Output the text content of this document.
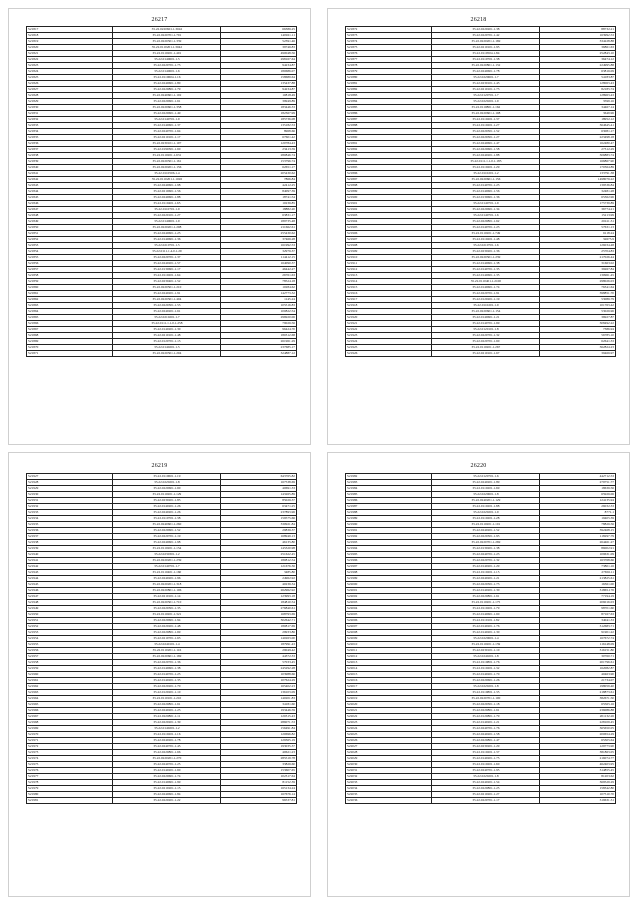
26217
S21817	35.22.0220601.1.3042	66386.25
S21818	35.22.0220701.1.791	140921.11
S21819	35.22.0220301.1.339	52391.46
S21820	35.22.0110201.1.3042	39746.83
S21821	35.22.0110201.1.401	490048.56
S21822	35.22.0140601.1.5	298167.64
S21823	35.22.0220701.1.73	94234.87
S21824	35.22.0140601.1.6	180686.07
S21825	35.22.0110604.1.16	158689.64
S21826	35.22.0240601.1.80	135437.88
S21827	35.22.0220801.1.79	94234.87
S21828	35.22.0240601.1.102	10818.49
S21829	35.22.0220601.1.61	39949.89
S21830	35.22.0220601.1.358	183446.33
S21831	35.22.0220601.1.49	182367.99
S21832	35.22.0140701.1.9	185736.08
S21833	35.22.0140601.1.37	135182.53
S21834	35.22.0240701.1.64	8968.66
S21835	35.22.0210101.1.17	67601.42
S21836	35.22.0230101.1.197	120784.43
S21837	35.22.0190301.1.60	23413.59
S21838	35.22.0110201.1.631	280846.74
S21839	35.22.0220301.1.161	153796.74
S21840	35.22.0220201.1.156	62651.17
S21841	35.22.0110506.1.4	205430.62
S21842	35.22.0110201.1.1026	7866.84
S21843	35.22.0240601.1.98	42412.25
S21844	35.22.0210601.1.56	84097.39
S21845	35.22.0240601.1.88	18741.54
S21846	35.22.0110401.1.65	10236.85
S21847	35.22.0110701.1.9	18882.20
S21848	35.22.0220101.1.27	63831.17
S21849	35.22.0140601.1.9	189735.48
S21850	35.22.0220201.1.208	211662.61
S21851	35.22.0240601.1.23	255430.62
S21852	35.22.0140601.1.36	37466.28
S21853	35.22.0210701.1.5	161992.53
S21854	35.22.0111.1.4.0.1.29	32976.37
S21855	35.22.0220701.1.37	114412.15
S21856	35.22.0240201.1.57	164090.37
S21857	35.22.0130601.1.17	46442.27
S21858	35.22.0110201.1.64	26761.63
S21859	35.22.0230401.1.52	78524.18
S21860	35.22.0220501.1.210	10284.62
S21861	35.22.0240201.1.91	142773.32
S21862	35.22.0220301.1.404	1145.24
S21863	35.22.0220301.1.53	105516.83
S21864	35.22.0240201.1.61	100822.54
S21865	35.22.0210201.1.7	296920.06
S21866	35.22.0111.1.1.0.1.258	79026.56
S21867	35.22.0140201.1.30	96424.70
S21868	35.22.0210101.1.48	180312.68
S21869	35.22.0120701.1.13	261961.29
S21870	35.22.0140201.1.5	237685.17
S21871	35.22.0220301.1.204	324887.12
26218
S21872	35.22.0220201.1.38	88732.21
S21873	35.22.0220701.1.42	163992.53
S21874	35.22.0220201.1.169	334228.88
S21875	35.22.0210101.1.95	36861.63
S21876	35.22.0110504.1.84	252843.10
S21877	35.22.0110701.1.38	36474.12
S21878	35.22.0220801.1.132	224995.88
S21879	35.22.0240601.1.78	63816.09
S21880	35.22.0220601.1.7	54183.87
S21881	35.22.0230101.1.43	128063.43
S21882	35.22.0210101.1.73	82185.74
S21883	35.22.0120701.1.7	128963.43
S21884	35.22.0220201.1.9	3599.16
S21885	35.22.0110801.1.162	34467.14
S21886	35.22.0220601.1.108	3649.96
S21887	35.22.0110201.1.37	18952.12
S21888	35.22.0110201.1.27	364645.41
S21889	35.22.0220301.1.52	63081.17
S21890	35.22.0220301.1.27	223498.18
S21891	35.22.0240601.1.47	162480.47
S21892	35.22.0220601.1.58	27312.29
S21893	35.22.0240201.1.88	306883.74
S21894	35.22.0111.1.1.0.1.185	166867.90
S21895	35.22.0110201.1.29	170364.89
S21896	35.22.0110201.1.2	133791.38
S21897	35.22.0220601.1.156	1498076.22
S21898	35.22.0140701.1.23	139536.84
S21899	35.22.0140601.1.56	32481.28
S21900	35.22.0130601.1.36	65362.96
S21901	35.22.0140701.1.9	175739.89
S21902	35.22.0220601.1.34	36774.21
S21903	35.22.0140701.1.6	15213.99
S21904	35.22.0220801.1.62	20411.31
S21905	35.22.0140701.1.23	57631.13
S21906	35.22.0110201.1.749	6118.24
S21907	35.22.0110201.1.48	32673.9
S21908	35.22.0210701.1.6	126034.48
S21909	35.22.0230201.1.36	25704.83
S21910	35.22.0220301.1.239	217026.44
S21911	35.22.0140601.1.38	31663.02
S21912	35.22.0140701.1.35	39267.84
S21913	35.22.0140601.1.35	130961.45
S21914	35.22.0110401.1.2100	298026.03
S21915	35.22.0140601.1.74	76341.64
S21916	35.22.0220701.1.91	398851.70
S21917	35.22.0120201.1.19	53086.79
S21918	35.22.0110201.1.9	101763.42
S21919	35.22.0220601.1.154	53026.96
S21920	35.22.0140601.1.21	36927.87
S21921	35.22.0140701.1.69	308492.22
S21922	35.22.0120101.1.8	7386.94
S21923	35.22.0220701.1.32	56785.10
S21924	35.22.0220701.1.60	62641.33
S21925	35.22.0110201.1.267	362824.23
S21926	35.22.0210101.1.67	39466.97
26219
S21927	35.22.0110601.1.19	643765.82
S21928	35.22.0220201.1.8	167538.69
S21929	35.22.0220601.1.60	40691.33
S21930	35.22.0110201.1.129	143265.89
S21931	35.22.0230201.1.83	85026.37
S21932	35.22.0140201.1.26	63471.25
S21933	35.22.0240201.1.26	237893.96
S21934	35.22.0110701.1.38	159575.66
S21935	35.22.0240601.1.260	330921.84
S21936	35.22.0220601.1.52	29836.37
S21937	35.22.0220701.1.19	168949.13
S21938	35.22.0240601.1.98	46135.80
S21939	35.22.0110201.1.154	145320.98
S21940	35.22.0230301.1.2	251622.45
S21941	35.22.0220201.1.239	180812.54
S21942	35.22.0140701.1.7	121676.36
S21943	35.22.0110401.1.160	3485.80
S21944	35.22.0240201.1.96	24962.92
S21945	35.22.0220201.1.318	40236.34
S21946	35.22.0220801.1.106	262962.92
S21947	35.22.0210101.1.14	123993.18
S21948	35.22.0220301.1.710	184810.54
S21949	35.22.0220301.1.35	276840.61
S21950	35.22.0110201.1.321	168793.69
S21951	35.22.0220601.1.94	302642.71
S21952	35.22.0220201.1.48	180817.69
S21953	35.22.0220801.1.69	29933.86
S21954	35.22.0210701.1.63	140263.00
S21955	35.22.0240101.1.4	187991.43
S21956	35.22.0110201.1.116	29049.42
S21957	35.22.0220601.1.169	44372.33
S21958	35.22.0220701.1.36	57033.45
S21959	35.22.0140601.1.38	245292.28
S21960	35.22.0140701.1.23	103988.66
S21961	35.22.0140201.1.33	107624.29
S21962	35.22.0220201.1.70	165402.23
S21963	35.22.0120201.1.10	136103.09
S21964	35.22.0110101.1.210	140201.83
S21965	35.22.0220801.1.61	34181.60
S21966	35.22.0240201.1.23	193446.59
S21967	35.22.0220801.1.11	120315.43
S21968	35.22.0220201.1.39	286071.53
S21969	35.22.0140201.1.2	156491.84
S21970	35.22.0110201.1.16	120696.82
S21971	35.22.0240201.1.78	129365.19
S21972	35.22.0240701.1.45	193035.37
S21973	35.22.0220801.1.66	40621.23
S21974	35.22.0220201.1.270	285519.78
S21975	35.22.0240701.1.25	33826.60
S21976	35.22.0140201.1.60	153607.65
S21977	35.22.0220601.1.74	102317.64
S21978	35.22.0140601.1.99	81152.39
S21979	35.22.0210201.1.15	165134.24
S21980	35.22.0240601.1.84	167676.14
S21981	35.22.0220201.1.22	96537.81
26220
S21982	35.22.0120701.1.6	442712.53
S21983	35.22.0240201.1.89	279751.77
S21984	35.22.0110201.1.69	18636.56
S21985	35.22.0220601.1.8	65926.06
S21986	35.22.0240201.1.129	124135.94
S21987	35.22.0110201.1.88	26032.33
S21988	35.22.0220201.1.9	8771.1
S21989	35.22.0110201.1.28	19405.39
S21990	35.22.0110201.1.101	78826.56
S21991	35.22.0240201.1.52	392468.15
S21992	35.22.0220301.1.93	118297.79
S21993	35.22.0220701.1.269	264461.27
S21994	35.22.0130201.1.38	86002.91
S21995	35.22.0240701.1.23	109631.09
S21996	35.22.0220701.1.32	163768.66
S21997	35.22.0140201.1.29	73801.16
S21998	35.22.0110201.1.15	27656.11
S21999	35.22.0240201.1.21	213825.61
S22000	35.22.0220301.1.73	16361.00
S22001	35.22.0140201.1.30	31865.176
S22002	35.22.0220801.1.61	77194.19
S22003	35.22.0110201.1.175	206016.03
S22004	35.22.0110201.1.79	98701.60
S22005	35.22.0140601.1.60	87167.63
S22006	35.22.0110101.1.82	34041.33
S22007	35.22.0140201.1.76	312683.71
S22008	35.22.0140201.1.30	91901.22
S22009	35.22.0220601.1.4	167672.74
S22010	35.22.0110201.1.159	116148.09
S22011	35.22.0230101.1.10	316151.80
S22012	35.22.0240201.1.8	30760.71
S22013	35.22.0110801.1.76	201796.61
S22014	35.22.0110201.1.32	162082.87
S22015	35.22.0140201.1.70	40463.90
S22016	35.22.0220601.1.26	21734.07
S22017	35.22.0220201.1.8	198059.40
S22018	35.22.0110801.1.35	218873.61
S22019	35.22.0220701.1.100	382671.50
S22020	35.22.0220301.1.18	65565.16
S22021	35.22.0220801.1.61	236086.88
S22022	35.22.0120801.1.79	201132.26
S22023	35.22.0140201.1.21	228109.45
S22024	35.22.0240701.1.76	365650.05
S22025	35.22.0240201.1.58	200654.29
S22026	35.22.0220801.1.47	65305.64
S22027	35.22.0230201.1.29	129773.90
S22028	35.22.0110201.1.37	381863.05
S22029	35.22.0140201.1.75	216074.77
S22030	35.22.0110201.1.60	462403.95
S22031	35.22.0240701.1.95	314855.45
S22032	35.22.0220201.1.8	81203.62
S22033	35.22.0240201.1.54	369529.29
S22034	35.22.0220801.1.25	158342.80
S22035	35.22.0210201.1.27	107510.70
S22036	35.22.0220701.1.17	319631.31
